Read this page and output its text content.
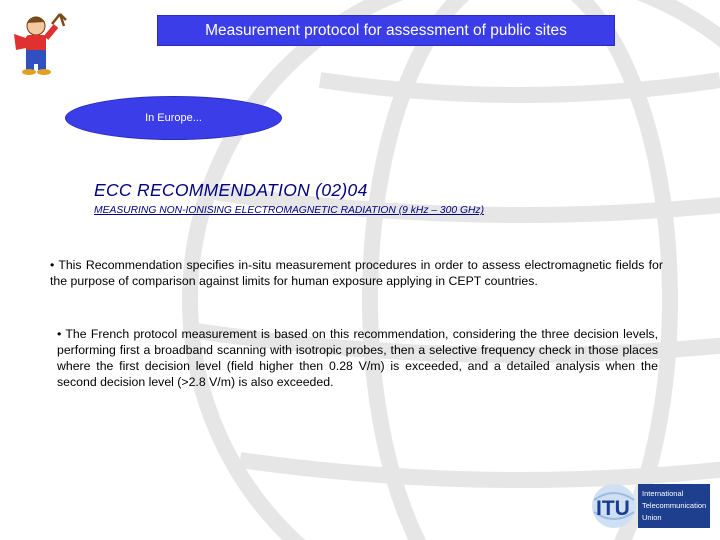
Measurement protocol for assessment of public sites
In Europe...
ECC RECOMMENDATION (02)04
MEASURING NON-IONISING ELECTROMAGNETIC RADIATION (9 kHz – 300 GHz)
• This Recommendation specifies in-situ measurement procedures in order to assess electromagnetic fields for the purpose of comparison against limits for human exposure applying in CEPT countries.
• The French protocol measurement is based on this recommendation, considering the three decision levels, performing first a broadband scanning with isotropic probes, then a selective frequency check in those places where the first decision level (field higher then 0.28 V/m) is exceeded, and a detailed analysis when the second decision level (>2.8 V/m) is also exceeded.
ITU
International
Telecommunication
Union
